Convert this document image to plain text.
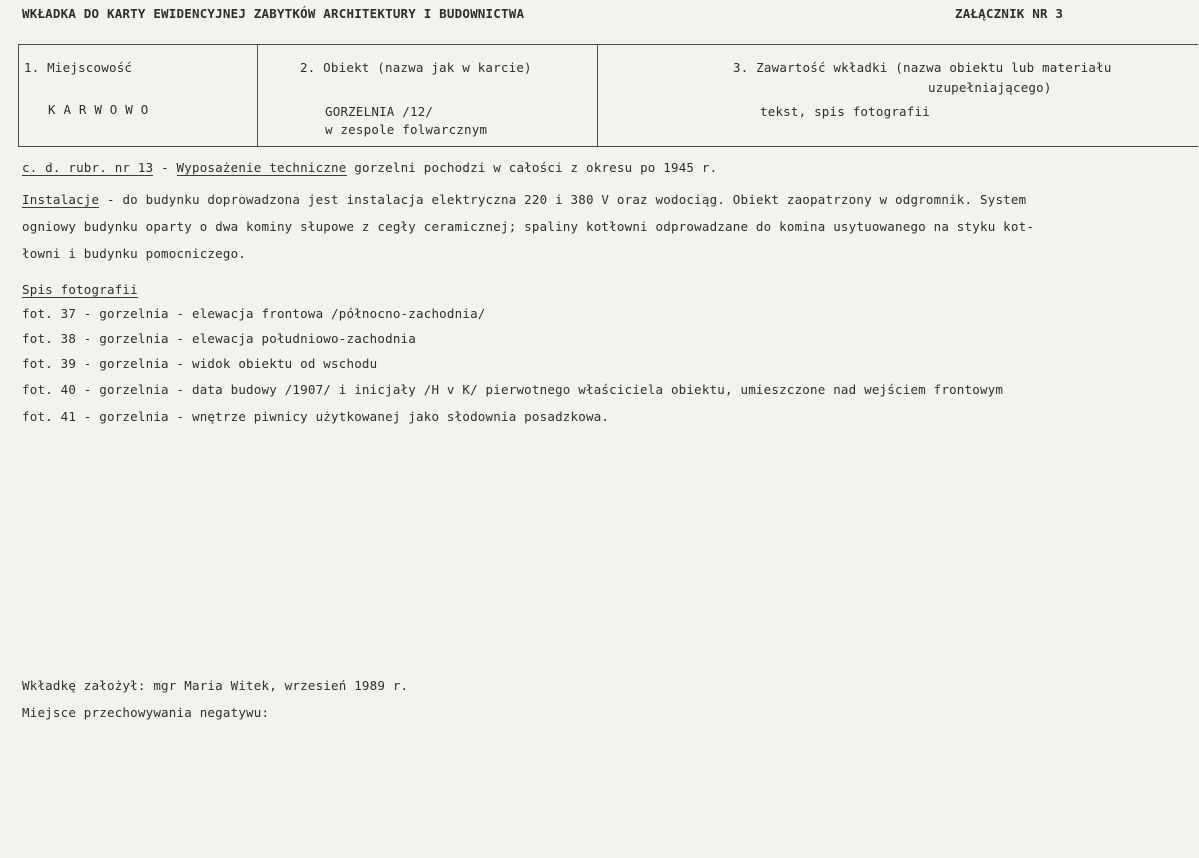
WKŁADKA DO KARTY EWIDENCYJNEJ ZABYTKÓW ARCHITEKTURY I BUDOWNICTWA	ZAŁĄCZNIK NR 3
1. Miejscowość
K A R W O W O
2. Obiekt (nazwa jak w karcie)
GORZELNIA /12/
w zespole folwarcznym
3. Zawartość wkładki (nazwa obiektu lub materiału
uzupełniającego)
tekst, spis fotografii
c. d. rubr. nr 13 - Wyposażenie techniczne gorzelni pochodzi w całości z okresu po 1945 r.
Instalacje - do budynku doprowadzona jest instalacja elektryczna 220 i 380 V oraz wodociąg. Obiekt zaopatrzony w odgromnik. System
ogniowy budynku oparty o dwa kominy słupowe z cegły ceramicznej; spaliny kotłowni odprowadzane do komina usytuowanego na styku kot-
łowni i budynku pomocniczego.
Spis fotografii
fot. 37 - gorzelnia - elewacja frontowa /północno-zachodnia/
fot. 38 - gorzelnia - elewacja południowo-zachodnia
fot. 39 - gorzelnia - widok obiektu od wschodu
fot. 40 - gorzelnia - data budowy /1907/ i inicjały /H v K/ pierwotnego właściciela obiektu, umieszczone nad wejściem frontowym
fot. 41 - gorzelnia - wnętrze piwnicy użytkowanej jako słodownia posadzkowa.
Wkładkę założył: mgr Maria Witek, wrzesień 1989 r.
Miejsce przechowywania negatywu:
